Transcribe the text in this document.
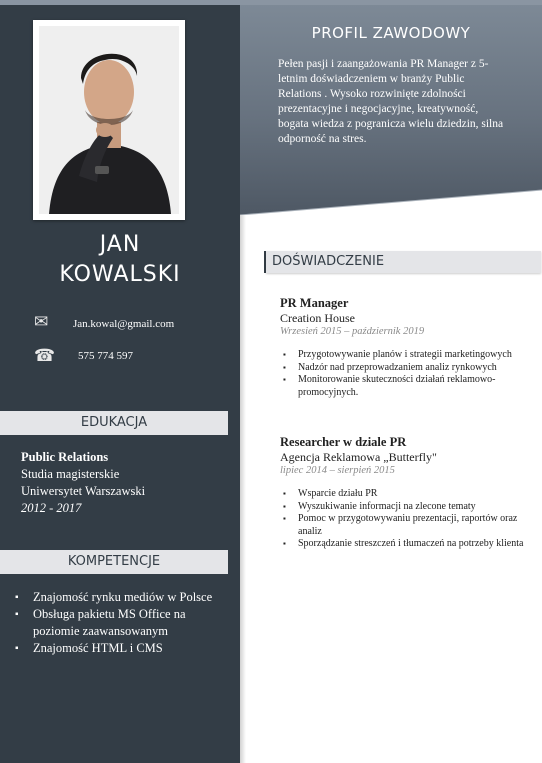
JAN
KOWALSKI
✉ Jan.kowal@gmail.com
☎ 575 774 597
EDUKACJA
Public Relations
Studia magisterskie
Uniwersytet Warszawski
2012 - 2017
KOMPETENCJE
▪ Znajomość rynku mediów w Polsce
▪ Obsługa pakietu MS Office na poziomie zaawansowanym
▪ Znajomość HTML i CMS
PROFIL ZAWODOWY
Pełen pasji i zaangażowania PR Manager z 5-letnim doświadczeniem w branży Public Relations . Wysoko rozwinięte zdolności prezentacyjne i negocjacyjne, kreatywność, bogata wiedza z pogranicza wielu dziedzin, silna odporność na stres.
DOŚWIADCZENIE
PR Manager
Creation House
Wrzesień 2015 – październik 2019
▪ Przygotowywanie planów i strategii marketingowych
▪ Nadzór nad przeprowadzaniem analiz rynkowych
▪ Monitorowanie skuteczności działań reklamowo-promocyjnych.
Researcher w dziale PR
Agencja Reklamowa „Butterfly"
lipiec 2014 – sierpień 2015
▪ Wsparcie działu PR
▪ Wyszukiwanie informacji na zlecone tematy
▪ Pomoc w przygotowywaniu prezentacji, raportów oraz analiz
▪ Sporządzanie streszczeń i tłumaczeń na potrzeby klienta
